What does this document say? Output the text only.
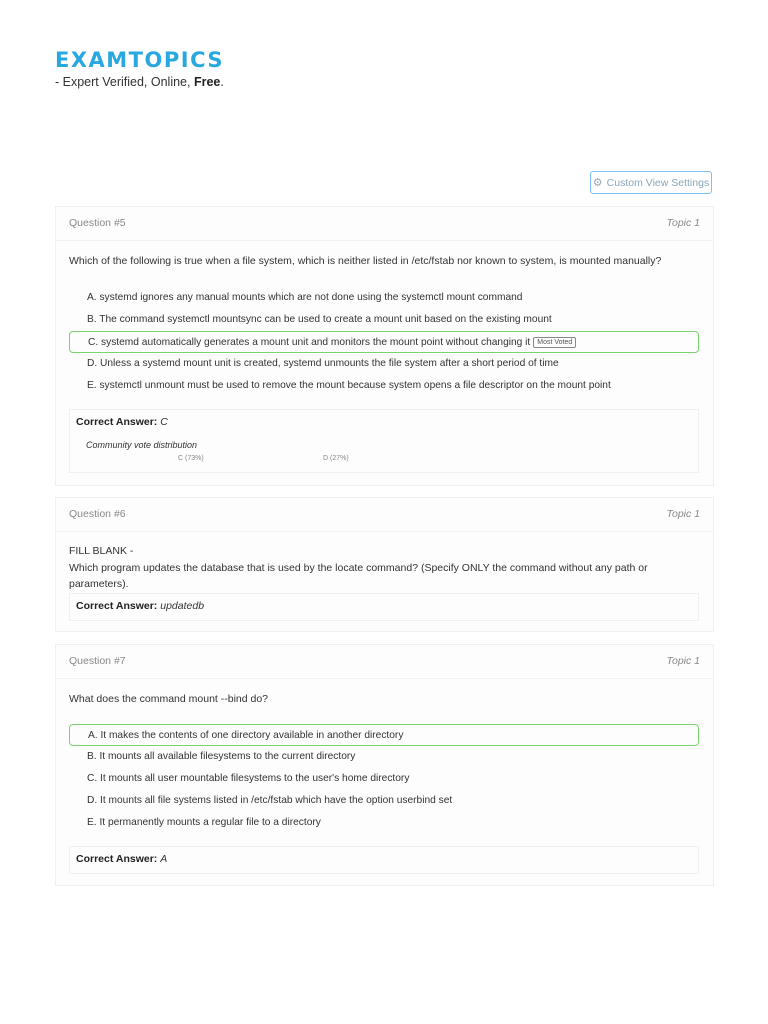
EXAMTOPICS
- Expert Verified, Online, Free.
⚙ Custom View Settings
Question #5	Topic 1
Which of the following is true when a file system, which is neither listed in /etc/fstab nor known to system, is mounted manually?
A. systemd ignores any manual mounts which are not done using the systemctl mount command
B. The command systemctl mountsync can be used to create a mount unit based on the existing mount
C. systemd automatically generates a mount unit and monitors the mount point without changing it Most Voted
D. Unless a systemd mount unit is created, systemd unmounts the file system after a short period of time
E. systemctl unmount must be used to remove the mount because system opens a file descriptor on the mount point
Correct Answer: C
Community vote distribution
C (73%)	D (27%)
Question #6	Topic 1
FILL BLANK -
Which program updates the database that is used by the locate command? (Specify ONLY the command without any path or parameters).
Correct Answer: updatedb
Question #7	Topic 1
What does the command mount --bind do?
A. It makes the contents of one directory available in another directory
B. It mounts all available filesystems to the current directory
C. It mounts all user mountable filesystems to the user's home directory
D. It mounts all file systems listed in /etc/fstab which have the option userbind set
E. It permanently mounts a regular file to a directory
Correct Answer: A
